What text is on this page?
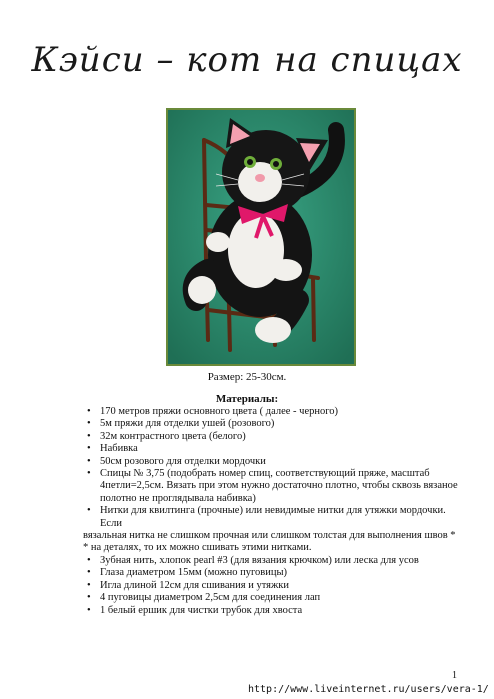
Кэйси – кот на спицах
Размер: 25-30см.
Материалы:
• 170 метров пряжи основного цвета ( далее - черного)
• 5м пряжи для отделки ушей (розового)
• 32м контрастного цвета (белого)
• Набивка
• 50см розового для отделки мордочки
• Спицы № 3,75 (подобрать номер спиц, соответствующий пряже, масштаб 4петли=2,5см. Вязать при этом нужно достаточно плотно, чтобы сквозь вязаное полотно не проглядывала набивка)
• Нитки для квилтинга (прочные) или невидимые нитки для утяжки мордочки. Если

вязальная нитка не слишком прочная или слишком толстая для выполнения швов * * на деталях, то их можно сшивать этими нитками.

• Зубная нить, хлопок pearl #3 (для вязания крючком) или леска для усов
• Глаза диаметром 15мм (можно пуговицы)
• Игла длиной 12см для сшивания и утяжки
• 4 пуговицы диаметром 2,5см для соединения лап
• 1 белый ершик для чистки трубок для хвоста
1
http://www.liveinternet.ru/users/vera-1/
